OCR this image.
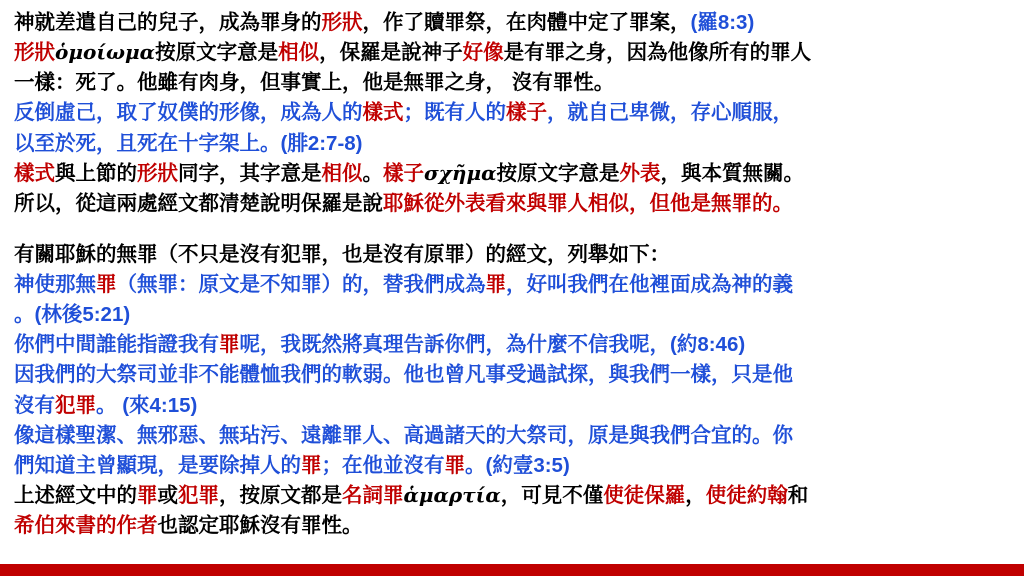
神就差遣自己的兒子，成為罪身的形狀，作了贖罪祭，在肉體中定了罪案，(羅8:3)

形狀ὁμοίωμα按原文字意是相似，保羅是說神子好像是有罪之身，因為他像所有的罪人

一樣：死了。他雖有肉身，但事實上，他是無罪之身， 沒有罪性。

反倒虛己，取了奴僕的形像，成為人的樣式；既有人的樣子，就自己卑微，存心順服，

以至於死，且死在十字架上。(腓2:7-8)

樣式與上節的形狀同字，其字意是相似。樣子σχῆμα按原文字意是外表，與本質無關。

所以，從這兩處經文都清楚說明保羅是說耶穌從外表看來與罪人相似，但他是無罪的。

有關耶穌的無罪（不只是沒有犯罪，也是沒有原罪）的經文，列舉如下：

神使那無罪（無罪：原文是不知罪）的，替我們成為罪，好叫我們在他裡面成為神的義

。(林後5:21)

你們中間誰能指證我有罪呢，我既然將真理告訴你們，為什麼不信我呢，(約8:46)

因我們的大祭司並非不能體恤我們的軟弱。他也曾凡事受過試探，與我們一樣，只是他

沒有犯罪。 (來4:15)

像這樣聖潔、無邪惡、無玷污、遠離罪人、高過諸天的大祭司，原是與我們合宜的。你

們知道主曾顯現，是要除掉人的罪；在他並沒有罪。(約壹3:5)

上述經文中的罪或犯罪，按原文都是名詞罪ἁμαρτία，可見不僅使徒保羅，使徒約翰和

希伯來書的作者也認定耶穌沒有罪性。
